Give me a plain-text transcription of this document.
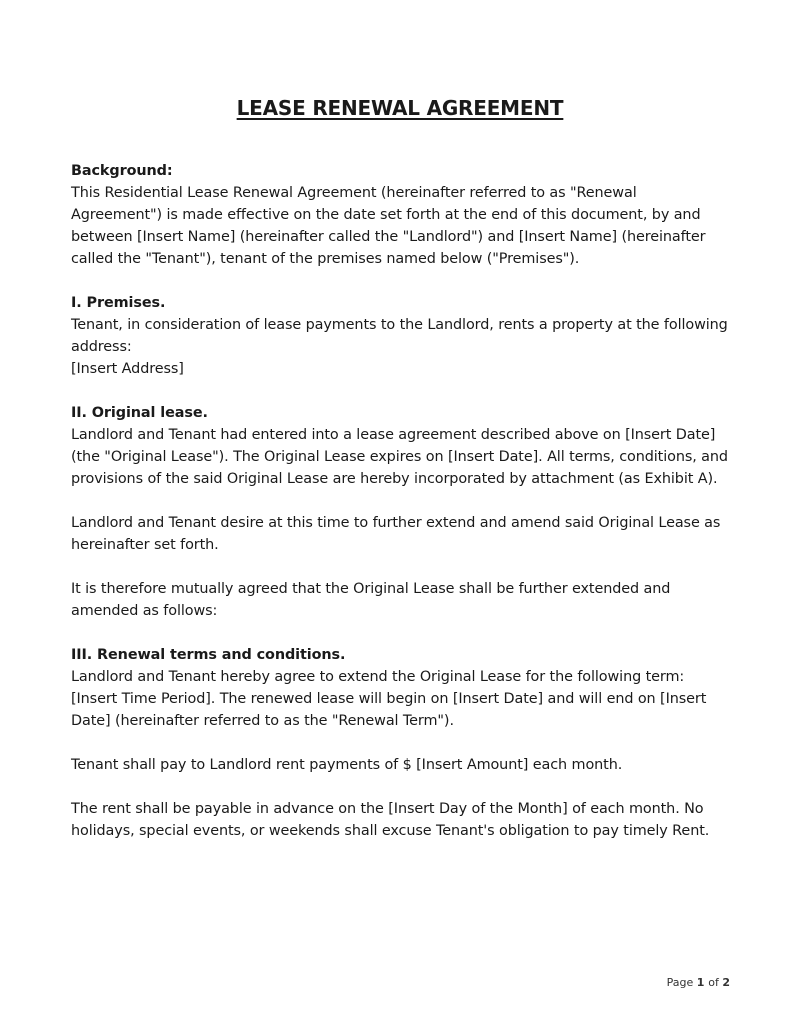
LEASE RENEWAL AGREEMENT

Background:

This Residential Lease Renewal Agreement (hereinafter referred to as "Renewal Agreement") is made effective on the date set forth at the end of this document, by and between [Insert Name] (hereinafter called the "Landlord") and [Insert Name] (hereinafter called the "Tenant"), tenant of the premises named below ("Premises").

I. Premises.

Tenant, in consideration of lease payments to the Landlord, rents a property at the following address:

[Insert Address]

II. Original lease.

Landlord and Tenant had entered into a lease agreement described above on [Insert Date] (the "Original Lease"). The Original Lease expires on [Insert Date]. All terms, conditions, and provisions of the said Original Lease are hereby incorporated by attachment (as Exhibit A).

Landlord and Tenant desire at this time to further extend and amend said Original Lease as hereinafter set forth.

It is therefore mutually agreed that the Original Lease shall be further extended and amended as follows:

III. Renewal terms and conditions.

Landlord and Tenant hereby agree to extend the Original Lease for the following term: [Insert Time Period]. The renewed lease will begin on [Insert Date] and will end on [Insert Date] (hereinafter referred to as the "Renewal Term").

Tenant shall pay to Landlord rent payments of $ [Insert Amount] each month.

The rent shall be payable in advance on the [Insert Day of the Month] of each month. No holidays, special events, or weekends shall excuse Tenant's obligation to pay timely Rent.

Page 1 of 2
